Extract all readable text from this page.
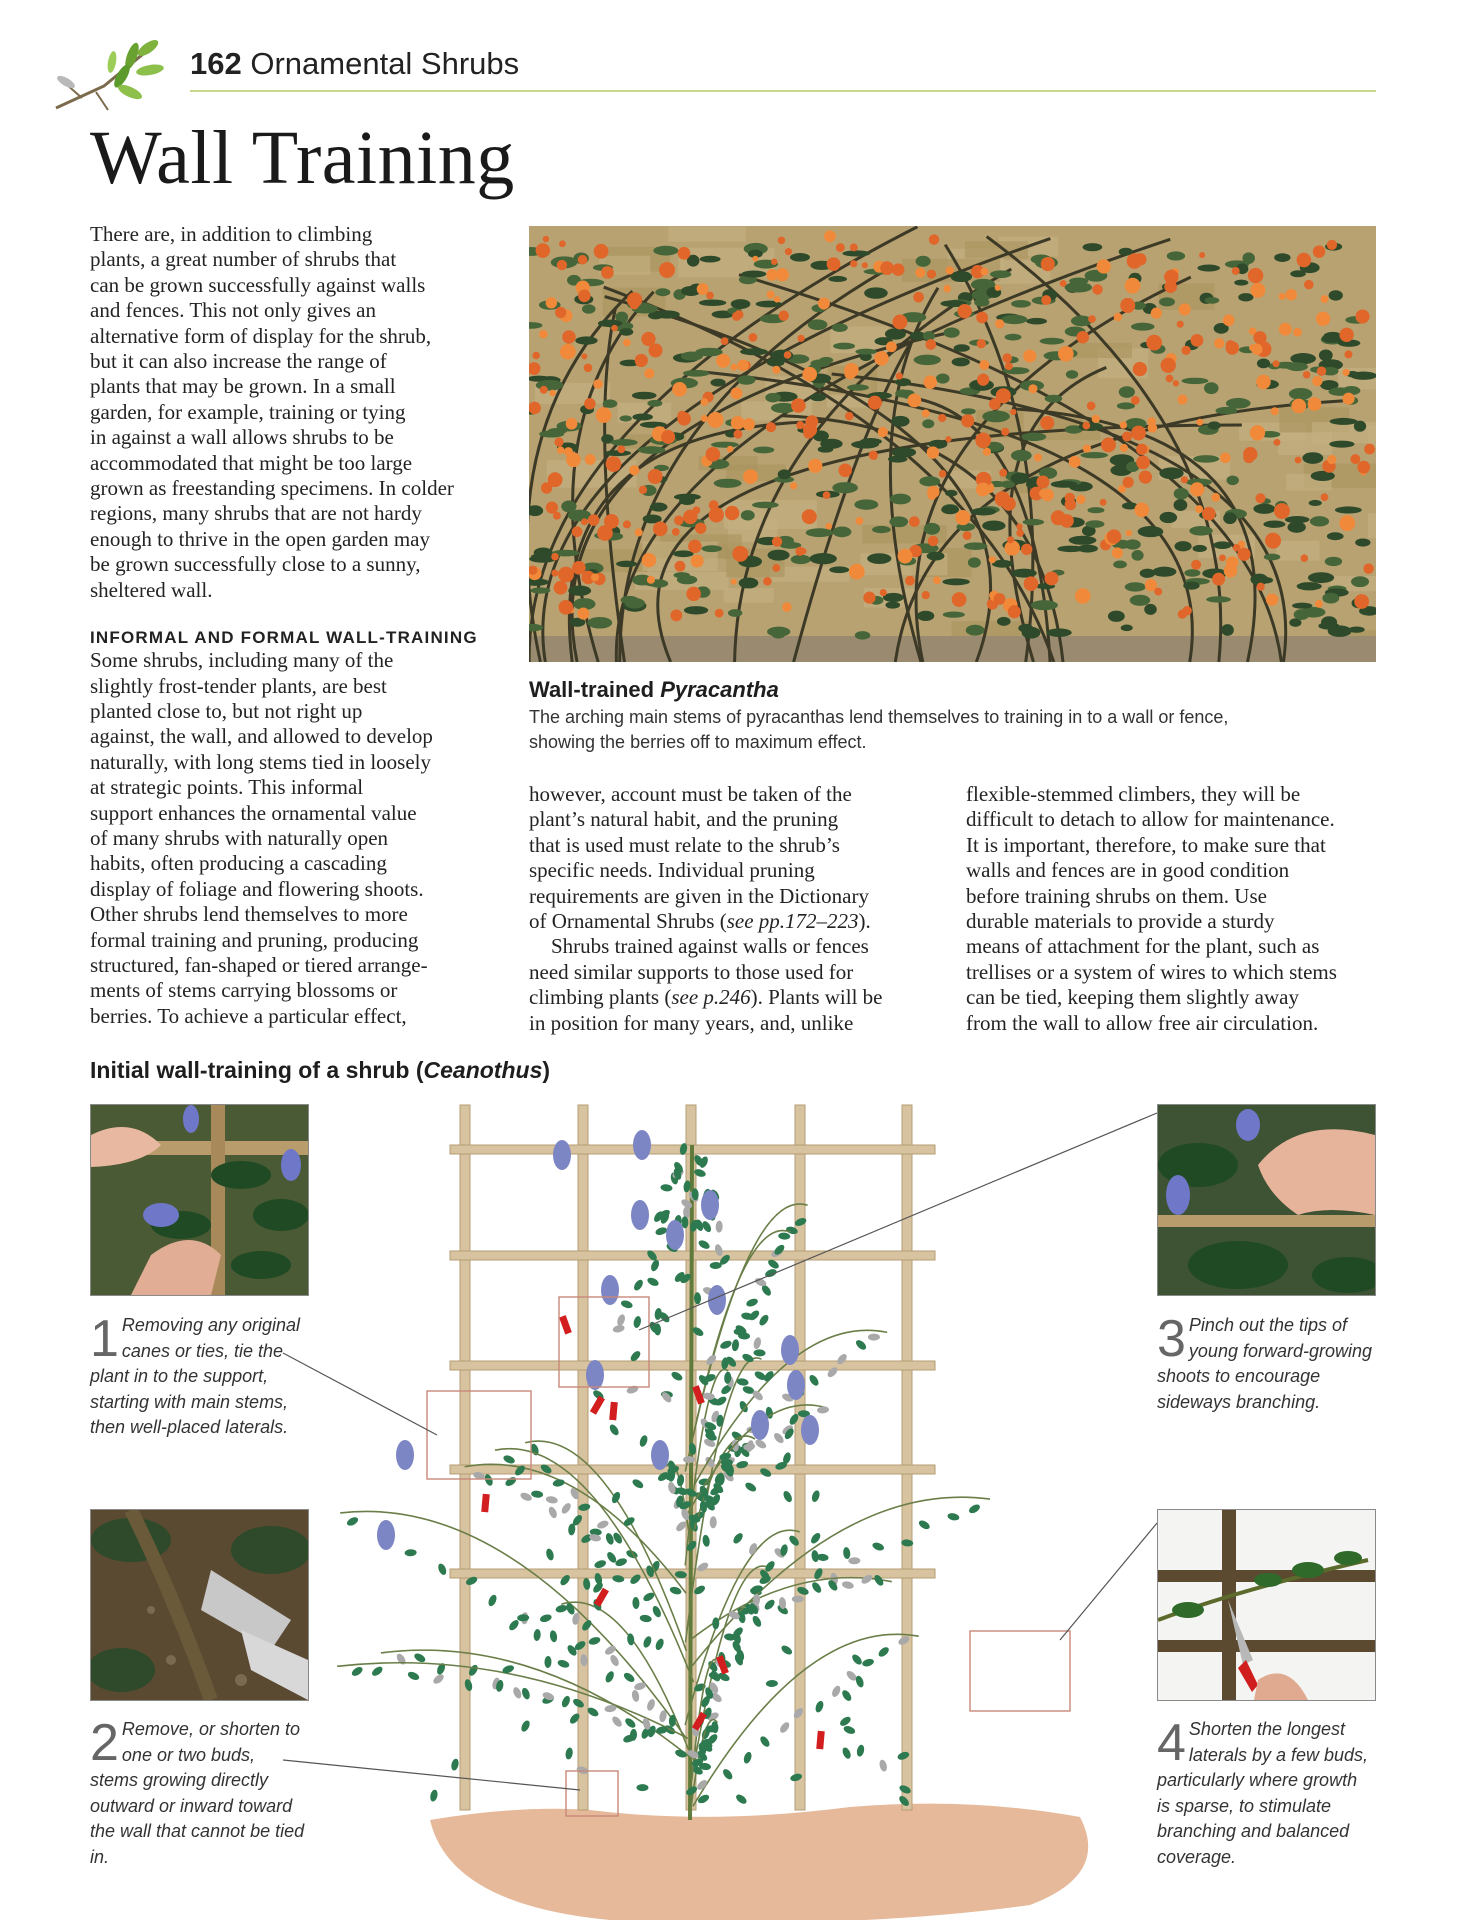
162 Ornamental Shrubs
Wall Training

There are, in addition to climbing

plants, a great number of shrubs that

can be grown successfully against walls

and fences. This not only gives an

alternative form of display for the shrub,

but it can also increase the range of

plants that may be grown. In a small

garden, for example, training or tying

in against a wall allows shrubs to be

accommodated that might be too large

grown as freestanding specimens. In colder

regions, many shrubs that are not hardy

enough to thrive in the open garden may

be grown successfully close to a sunny,

sheltered wall.

INFORMAL AND FORMAL WALL-TRAINING

Some shrubs, including many of the

slightly frost-tender plants, are best

planted close to, but not right up

against, the wall, and allowed to develop

naturally, with long stems tied in loosely

at strategic points. This informal

support enhances the ornamental value

of many shrubs with naturally open

habits, often producing a cascading

display of foliage and flowering shoots.

Other shrubs lend themselves to more

formal training and pruning, producing

structured, fan-shaped or tiered arrange-

ments of stems carrying blossoms or

berries. To achieve a particular effect,

Wall-trained Pyracantha
The arching main stems of pyracanthas lend themselves to training in to a wall or fence,
showing the berries off to maximum effect.

however, account must be taken of the

plant’s natural habit, and the pruning

that is used must relate to the shrub’s

specific needs. Individual pruning

requirements are given in the Dictionary

of Ornamental Shrubs (see pp.172–223).

Shrubs trained against walls or fences

need similar supports to those used for

climbing plants (see p.246). Plants will be

in position for many years, and, unlike

flexible-stemmed climbers, they will be

difficult to detach to allow for maintenance.

It is important, therefore, to make sure that

walls and fences are in good condition

before training shrubs on them. Use

durable materials to provide a sturdy

means of attachment for the plant, such as

trellises or a system of wires to which stems

can be tied, keeping them slightly away

from the wall to allow free air circulation.

Initial wall-training of a shrub (Ceanothus)
1 Removing any original canes or ties, tie the plant in to the support, starting with main stems, then well-placed laterals.
2 Remove, or shorten to one or two buds, stems growing directly outward or inward toward the wall that cannot be tied in.
3 Pinch out the tips of young forward-growing shoots to encourage sideways branching.
4 Shorten the longest laterals by a few buds, particularly where growth is sparse, to stimulate branching and balanced coverage.
